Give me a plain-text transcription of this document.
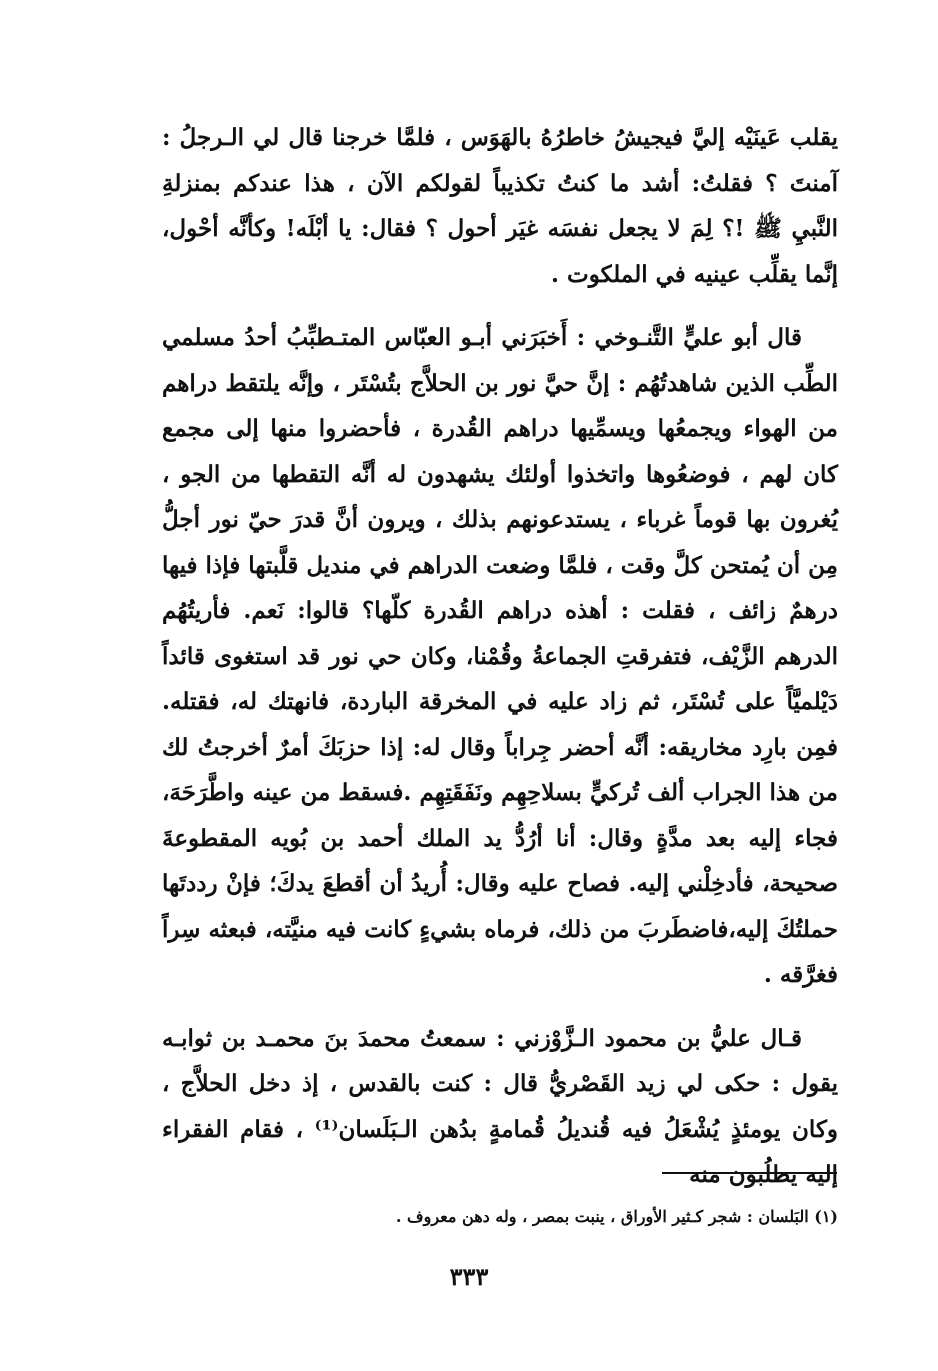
يقلب عَينَيْه إليَّ فيجيشُ خاطرُهُ بالهَوَس ، فلمَّا خرجنا قال لي الـرجلُ : آمنتَ ؟ فقلتُ: أشد ما كنتُ تكذيباً لقولكم الآن ، هذا عندكم بمنزلةِ النَّبيِ ﷺ !؟ لِمَ لا يجعل نفسَه غيَر أحول ؟ فقال: يا أبْلَه! وكأنَّه أحْول، إنَّما يقلِّب عينيه في الملكوت .

قال أبو عليٍّ التَّنـوخي : أَخبَرَني أبـو العبّاس المتـطبِّبُ أحدُ مسلمي الطِّب الذين شاهدتُهُم : إنَّ حيَّ نور بن الحلاَّج بتُسْتَر ، وإنَّه يلتقط دراهم من الهواء ويجمعُها ويسمِّيها دراهم القُدرة ، فأحضروا منها إلى مجمع كان لهم ، فوضعُوها واتخذوا أولئك يشهدون له أنَّه التقطها من الجو ، يُغرون بها قوماً غرباء ، يستدعونهم بذلك ، ويرون أنَّ قدرَ حيّ نور أجلُّ مِن أن يُمتحن كلَّ وقت ، فلمَّا وضعت الدراهم في منديل قلَّبتها فإذا فيها درهمٌ زائف ، فقلت : أهذه دراهم القُدرة كلّها؟ قالوا: نَعم. فأريتُهُم الدرهم الزَّيْف، فتفرقتِ الجماعةُ وقُمْنا، وكان حي نور قد استغوى قائداً دَيْلميَّاً على تُسْتَر، ثم زاد عليه في المخرقة الباردة، فانهتك له، فقتله. فمِن بارِد مخاريقه: أنَّه أحضر جِراباً وقال له: إذا حزبَكَ أمرٌ أخرجتُ لك من هذا الجراب ألف تُركيٍّ بسلاحِهِم ونَفَقَتِهِم .فسقط من عينه واطَّرَحَهَ، فجاء إليه بعد مدَّةٍ وقال: أنا أرُدُّ يد الملك أحمد بن بُويه المقطوعةَ صحيحة، فأدخِلْني إليه. فصاح عليه وقال: أُريدُ أن أقطعَ يدكَ؛ فإنْ رددتَها حملتُكَ إليه،فاضطَربَ من ذلك، فرماه بشيءٍ كانت فيه منيَّته، فبعثه سِراً فغرَّقه .

قـال عليُّ بن محمود الـزَّوْزني : سمعتُ محمدَ بنَ محمـد بن ثوابـه يقول : حكى لي زيد القَصْريُّ قال : كنت بالقدس ، إذ دخل الحلاَّج ، وكان يومئذٍ يُشْعَلُ فيه قُنديلُ قُمامةٍ بدُهن الـبَلَسان⁽¹⁾ ، فقام الفقراء إليه يطلُبون منه

(١) البَلسان : شجر كـثير الأوراق ، ينبت بمصر ، وله دهن معروف .
٣٣٣
